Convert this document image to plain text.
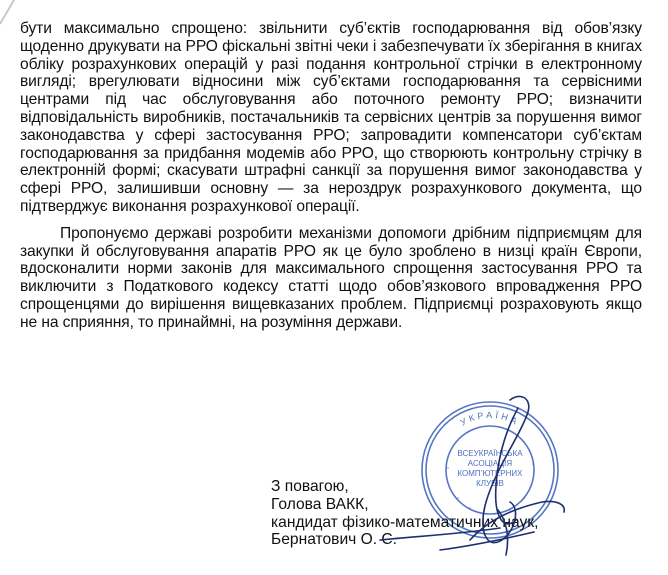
бути максимально спрощено: звільнити суб’єктів господарювання від обов’язку щоденно друкувати на РРО фіскальні звітні чеки і забезпечувати їх зберігання в книгах обліку розрахункових операцій у разі подання контрольної стрічки в електронному вигляді; врегулювати відносини між суб’єктами господарювання та сервісними центрами під час обслуговування або поточного ремонту РРО; визначити відповідальність виробників, постачальників та сервісних центрів за порушення вимог законодавства у сфері застосування РРО; запровадити компенсатори суб’єктам господарювання за придбання модемів або РРО, що створюють контрольну стрічку в електронній формі; скасувати штрафні санкції за порушення вимог законодавства у сфері РРО, залишивши основну — за нероздрук розрахункового документа, що підтверджує виконання розрахункової операції.

Пропонуємо державі розробити механізми допомоги дрібним підприємцям для закупки й обслуговування апаратів РРО як це було зроблено в низці країн Європи, вдосконалити норми законів для максимального спрощення застосування РРО та виключити з Податкового кодексу статті щодо обов’язкового впровадження РРО спрощенцями до вирішення вищевказаних проблем. Підприємці розраховують якщо не на сприяння, то принаймні, на розуміння держави.

УКРАЇНА
ВСЕУКРАЇНСЬКА
АСОЦІАЦІЯ
КОМП’ЮТЕРНИХ
КЛУБІВ
З повагою,
Голова ВАКК,
кандидат фізико-математичних наук,
Бернатович О. С.
